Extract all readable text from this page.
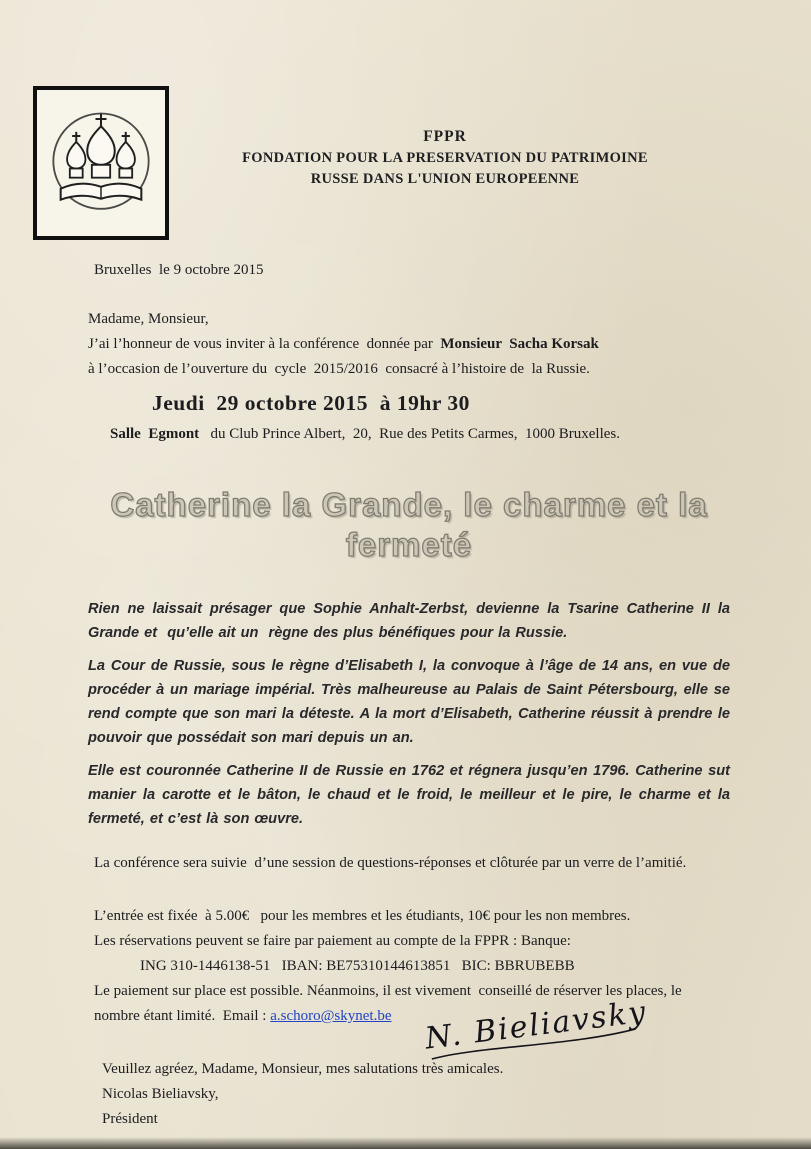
FPPR
FONDATION POUR LA PRESERVATION DU PATRIMOINE
RUSSE DANS L'UNION EUROPEENNE

Bruxelles  le 9 octobre 2015

Madame, Monsieur,

J’ai l’honneur de vous inviter à la conférence  donnée par  Monsieur  Sacha Korsak

à l’occasion de l’ouverture du  cycle  2015/2016  consacré à l’histoire de  la Russie.

Jeudi  29 octobre 2015  à 19hr 30

Salle  Egmont   du Club Prince Albert,  20,  Rue des Petits Carmes,  1000 Bruxelles.

Catherine la Grande, le charme et la fermeté

Rien ne laissait présager que Sophie Anhalt-Zerbst, devienne la Tsarine Catherine II la Grande et  qu’elle ait un  règne des plus bénéfiques pour la Russie.

La Cour de Russie, sous le règne d’Elisabeth I, la convoque à l’âge de 14 ans, en vue de procéder à un mariage impérial. Très malheureuse au Palais de Saint Pétersbourg, elle se rend compte que son mari la déteste. A la mort d’Elisabeth, Catherine réussit à prendre le pouvoir que possédait son mari depuis un an.

Elle est couronnée Catherine II de Russie en 1762 et régnera jusqu’en 1796. Catherine sut manier la carotte et le bâton, le chaud et le froid, le meilleur et le pire, le charme et la fermeté, et c’est là son œuvre.

La conférence sera suivie  d’une session de questions-réponses et clôturée par un verre de l’amitié.

L’entrée est fixée  à 5.00€   pour les membres et les étudiants, 10€ pour les non membres.

Les réservations peuvent se faire par paiement au compte de la FPPR : Banque:

ING 310-1446138-51   IBAN: BE75310144613851   BIC: BBRUBEBB

Le paiement sur place est possible. Néanmoins, il est vivement  conseillé de réserver les places, le nombre étant limité.  Email : a.schoro@skynet.be

Veuillez agréez, Madame, Monsieur, mes salutations très amicales.

Nicolas Bieliavsky,

Président

N. Bieliavsky
